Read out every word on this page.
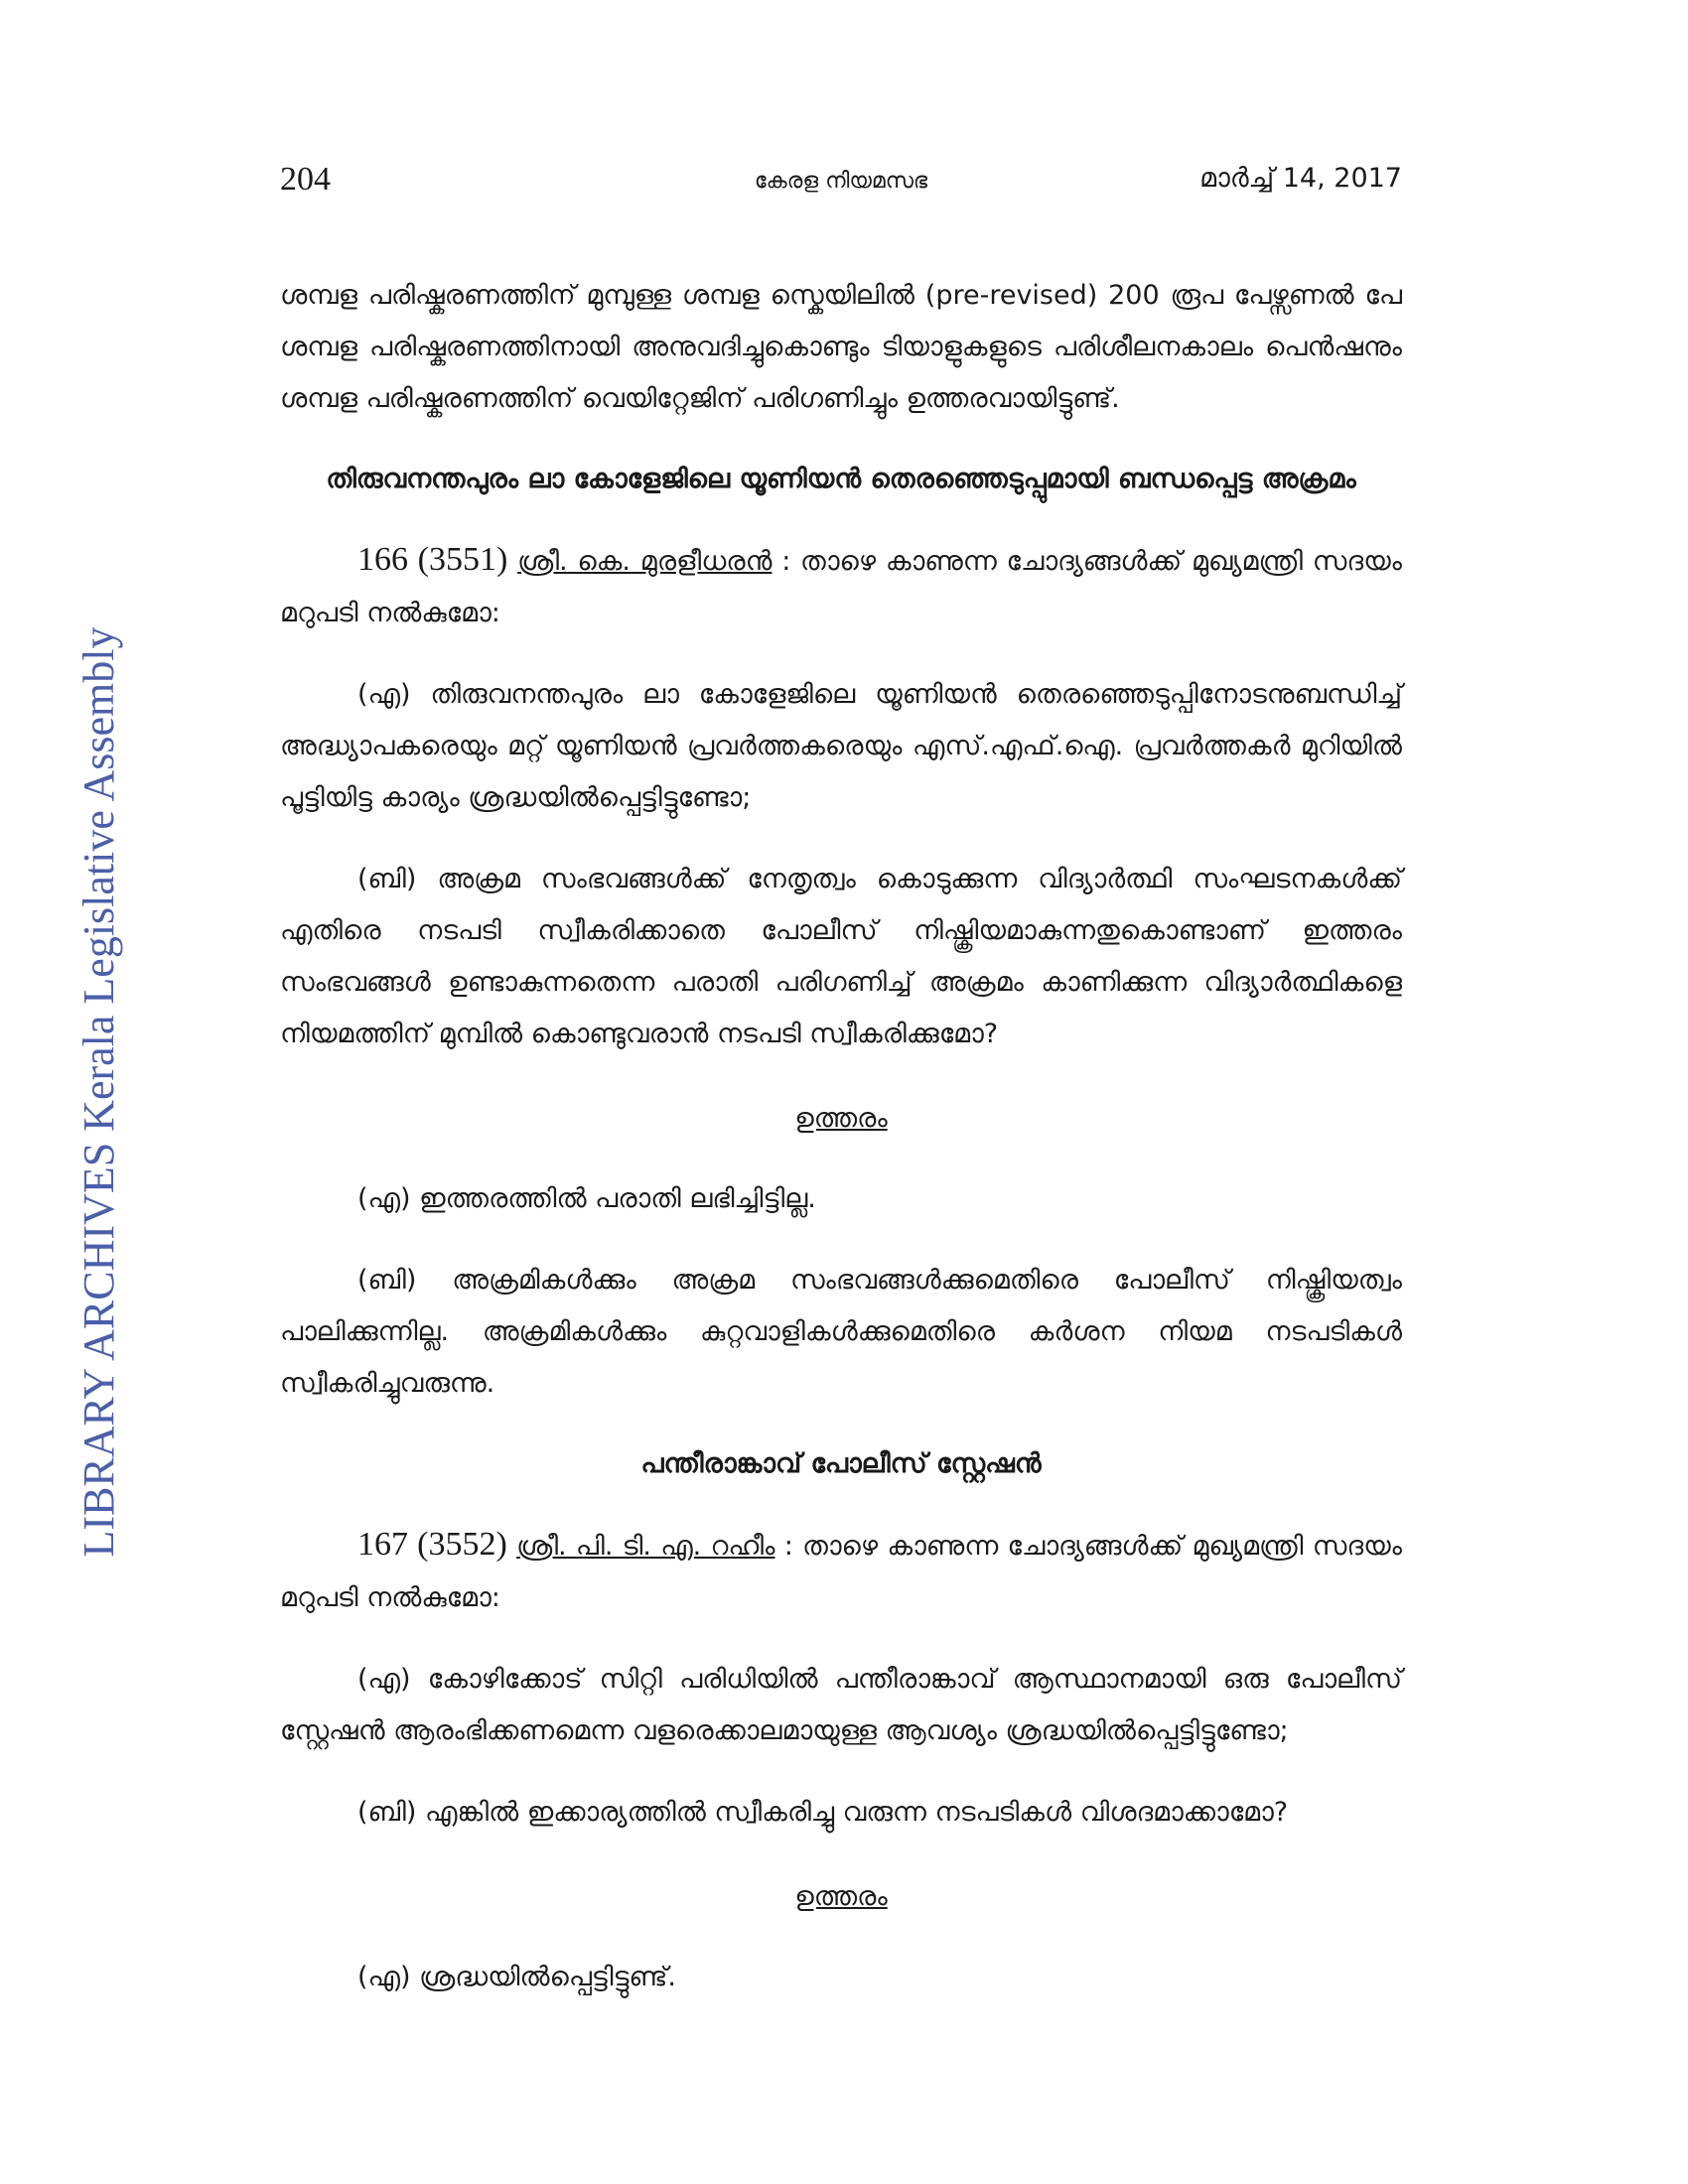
LIBRARY ARCHIVES Kerala Legislative Assembly
204	കേരള നിയമസഭ	മാർച്ച് 14, 2017

ശമ്പള പരിഷ്കരണത്തിന് മുമ്പുള്ള ശമ്പള സ്കെയിലിൽ (pre-revised) 200 രൂപ പേഴ്സണൽ പേ ശമ്പള പരിഷ്കരണത്തിനായി അനുവദിച്ചുകൊണ്ടും ടിയാളുകളുടെ പരിശീലനകാലം പെൻഷനും ശമ്പള പരിഷ്കരണത്തിന് വെയിറ്റേജിന് പരിഗണിച്ചും ഉത്തരവായിട്ടുണ്ട്.

തിരുവനന്തപുരം ലാ കോളേജിലെ യൂണിയൻ തെരഞ്ഞെടുപ്പുമായി ബന്ധപ്പെട്ട അക്രമം

166 (3551) ശ്രീ. കെ. മുരളീധരൻ : താഴെ കാണുന്ന ചോദ്യങ്ങൾക്ക് മുഖ്യമന്ത്രി സദയം മറുപടി നൽകുമോ:

(എ) തിരുവനന്തപുരം ലാ കോളേജിലെ യൂണിയൻ തെരഞ്ഞെടുപ്പിനോടനുബന്ധിച്ച് അദ്ധ്യാപകരെയും മറ്റ് യൂണിയൻ പ്രവർത്തകരെയും എസ്.എഫ്.ഐ. പ്രവർത്തകർ മുറിയിൽ പൂട്ടിയിട്ട കാര്യം ശ്രദ്ധയിൽപ്പെട്ടിട്ടുണ്ടോ;

(ബി) അക്രമ സംഭവങ്ങൾക്ക് നേതൃത്വം കൊടുക്കുന്ന വിദ്യാർത്ഥി സംഘടനകൾക്ക് എതിരെ നടപടി സ്വീകരിക്കാതെ പോലീസ് നിഷ്ക്രിയമാകുന്നതുകൊണ്ടാണ് ഇത്തരം സംഭവങ്ങൾ ഉണ്ടാകുന്നതെന്ന പരാതി പരിഗണിച്ച് അക്രമം കാണിക്കുന്ന വിദ്യാർത്ഥികളെ നിയമത്തിന് മുമ്പിൽ കൊണ്ടുവരാൻ നടപടി സ്വീകരിക്കുമോ?

ഉത്തരം

(എ) ഇത്തരത്തിൽ പരാതി ലഭിച്ചിട്ടില്ല.

(ബി) അക്രമികൾക്കും അക്രമ സംഭവങ്ങൾക്കുമെതിരെ പോലീസ് നിഷ്ക്രിയത്വം പാലിക്കുന്നില്ല. അക്രമികൾക്കും കുറ്റവാളികൾക്കുമെതിരെ കർശന നിയമ നടപടികൾ സ്വീകരിച്ചുവരുന്നു.

പന്തീരാങ്കാവ് പോലീസ് സ്റ്റേഷൻ

167 (3552) ശ്രീ. പി. ടി. എ. റഹീം : താഴെ കാണുന്ന ചോദ്യങ്ങൾക്ക് മുഖ്യമന്ത്രി സദയം മറുപടി നൽകുമോ:

(എ) കോഴിക്കോട് സിറ്റി പരിധിയിൽ പന്തീരാങ്കാവ് ആസ്ഥാനമായി ഒരു പോലീസ് സ്റ്റേഷൻ ആരംഭിക്കണമെന്ന വളരെക്കാലമായുള്ള ആവശ്യം ശ്രദ്ധയിൽപ്പെട്ടിട്ടുണ്ടോ;

(ബി) എങ്കിൽ ഇക്കാര്യത്തിൽ സ്വീകരിച്ചു വരുന്ന നടപടികൾ വിശദമാക്കാമോ?

ഉത്തരം

(എ) ശ്രദ്ധയിൽപ്പെട്ടിട്ടുണ്ട്.
